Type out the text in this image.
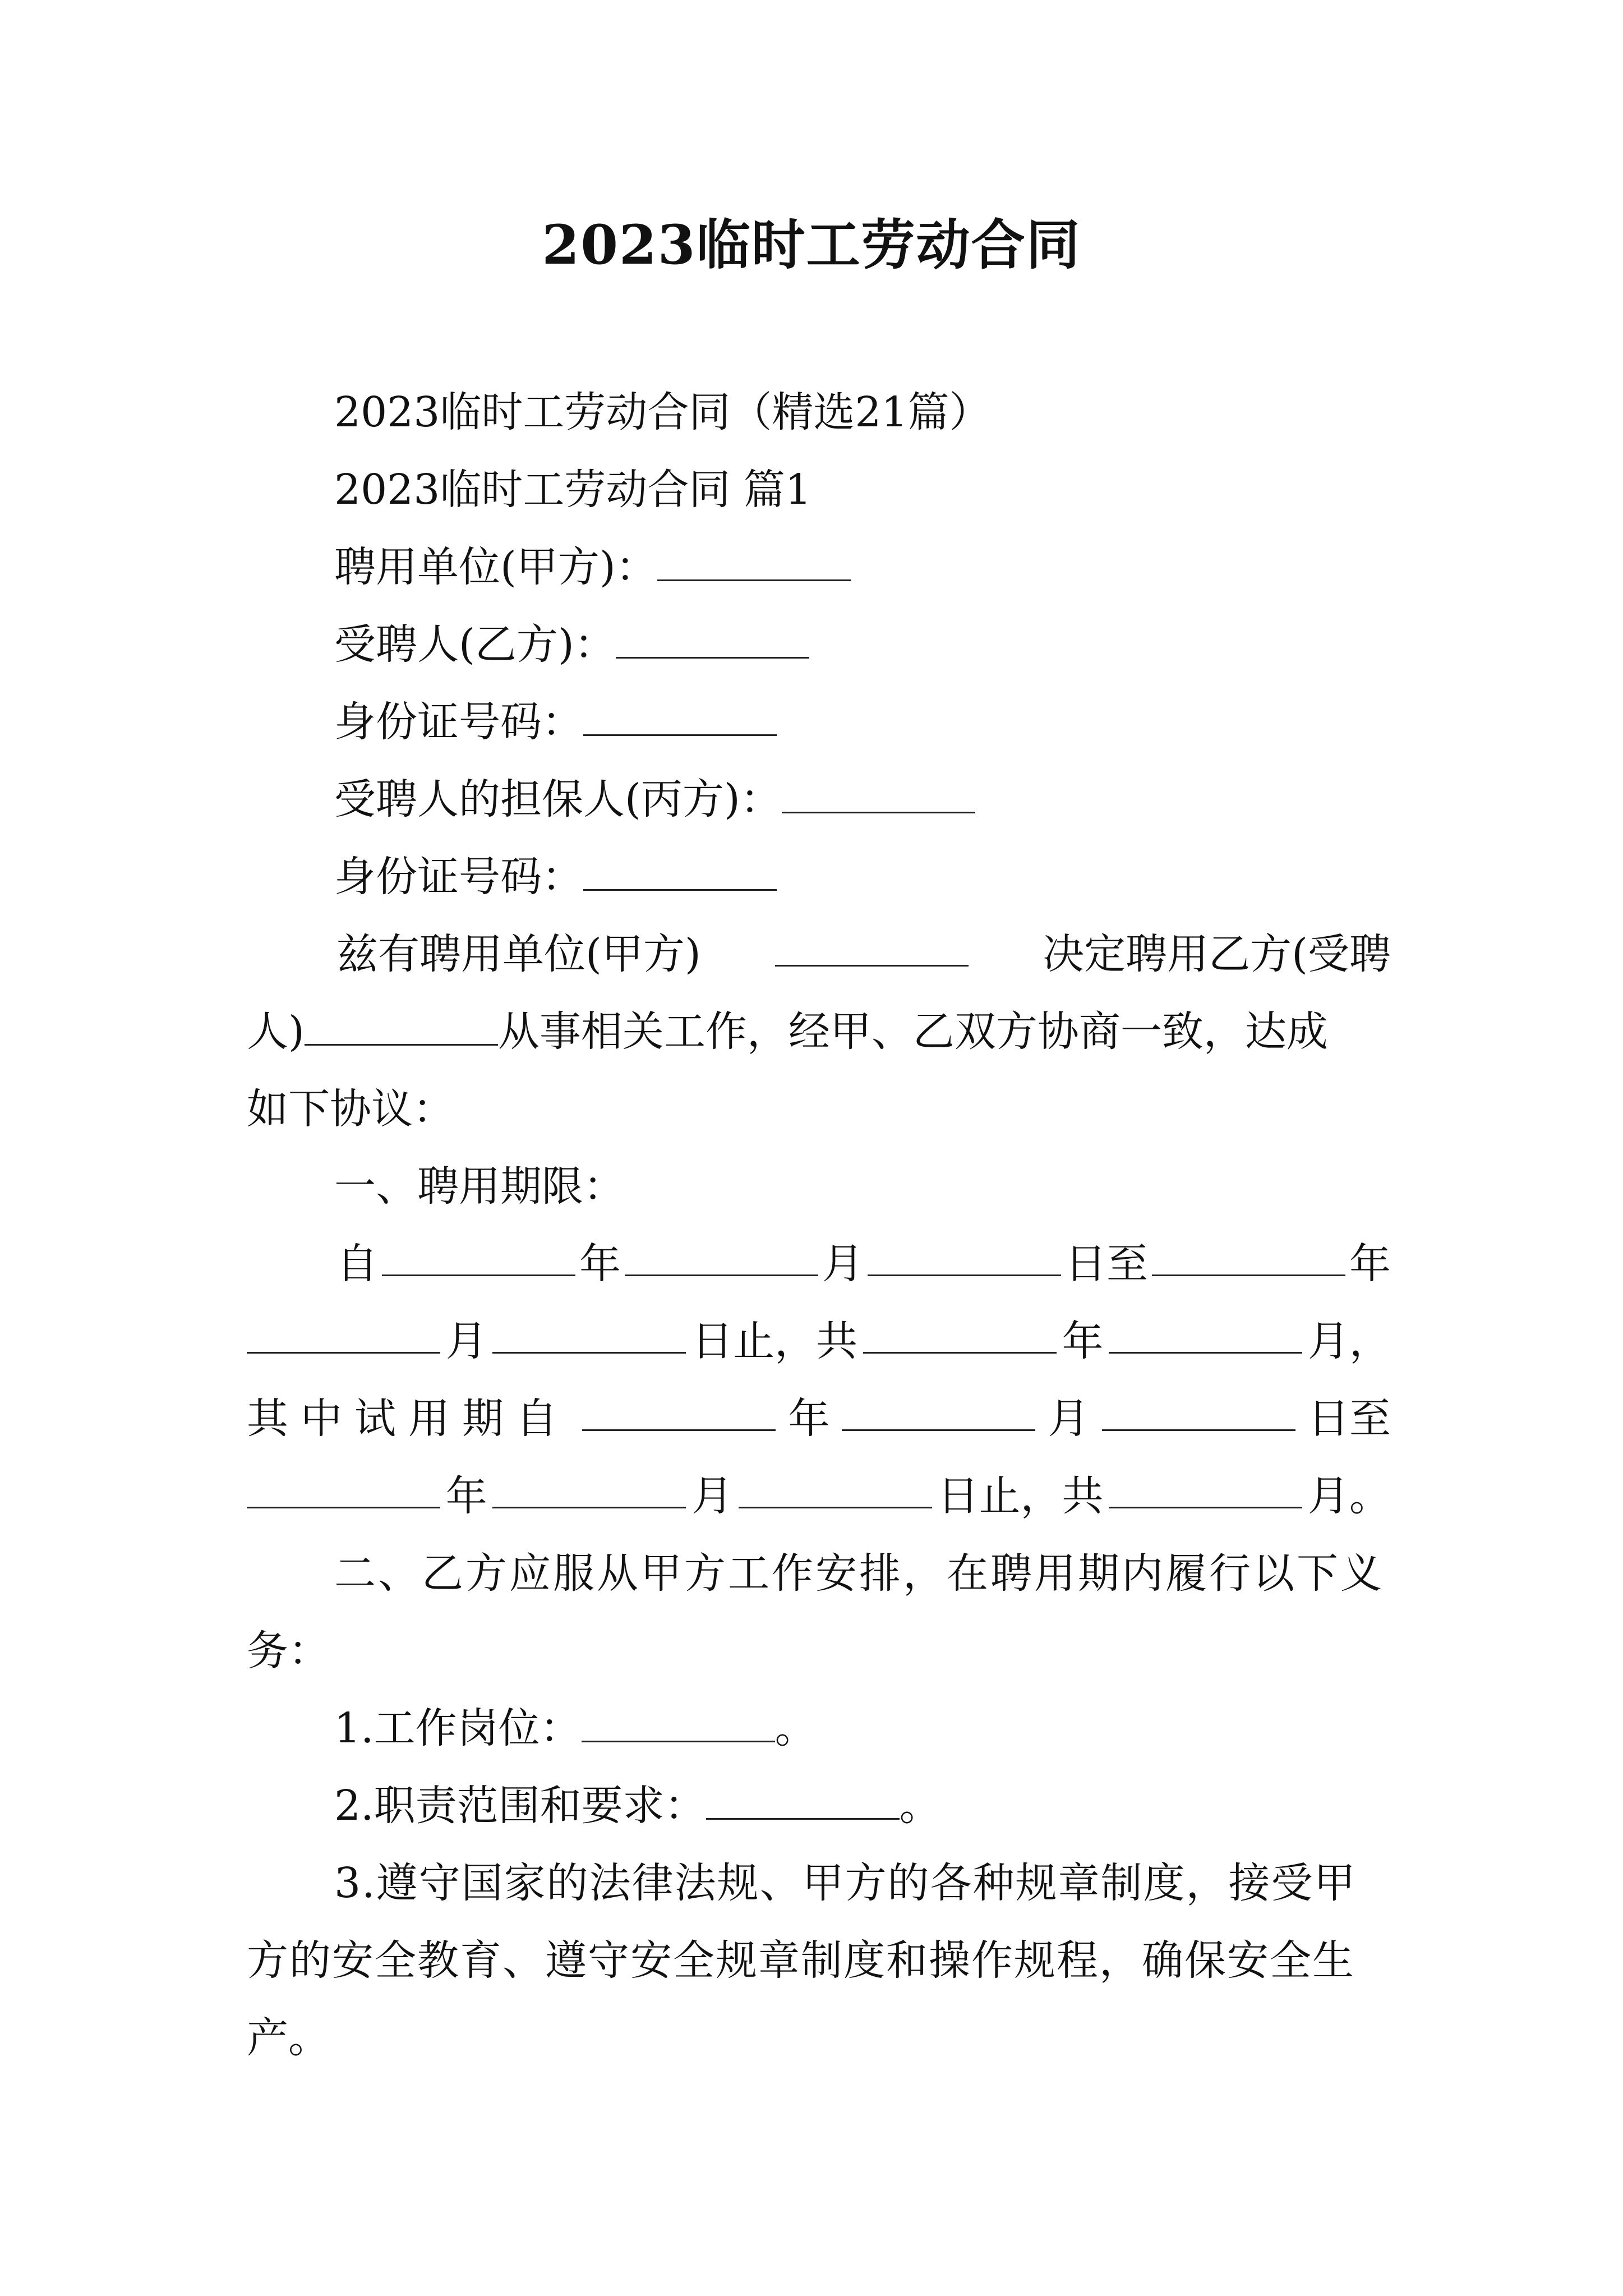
2023临时工劳动合同
2023临时工劳动合同（精选21篇）
2023临时工劳动合同 篇1
聘用单位(甲方)：
受聘人(乙方)：
身份证号码：
受聘人的担保人(丙方)：
身份证号码：
兹有聘用单位(甲方)	决定聘用乙方(受聘
人)	从事相关工作，经甲、乙双方协商一致，达成
如下协议：
一、聘用期限：
自	年	月	日至	年
月	日止，共	年	月，
其中试用期自	年	月	日至
年	月	日止，共	月。
二、乙方应服从甲方工作安排，在聘用期内履行以下义
务：
1.工作岗位：	。
2.职责范围和要求：	。
3.遵守国家的法律法规、甲方的各种规章制度，接受甲
方的安全教育、遵守安全规章制度和操作规程，确保安全生
产。
